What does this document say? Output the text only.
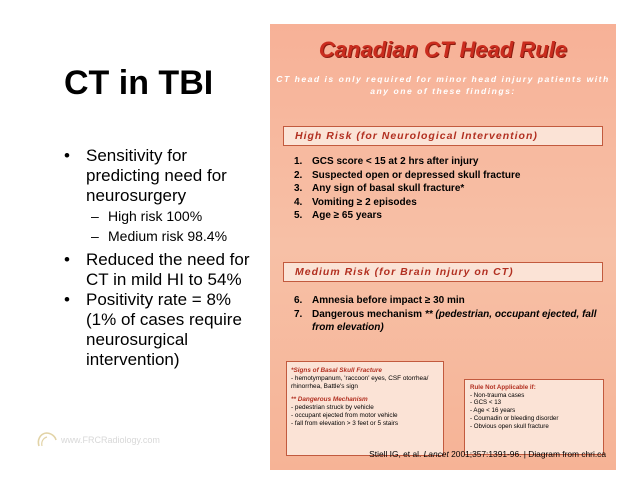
CT in TBI
• Sensitivity for predicting need for neurosurgery
– High risk 100%
– Medium risk 98.4%
• Reduced the need for CT in mild HI to 54%
• Positivity rate = 8% (1% of cases require neurosurgical intervention)
www.FRCRadiology.com
Canadian CT Head Rule
CT head is only required for minor head injury patients with any one of these findings:
High Risk (for Neurological Intervention)
1. GCS score < 15 at 2 hrs after injury
2. Suspected open or depressed skull fracture
3. Any sign of basal skull fracture*
4. Vomiting ≥ 2 episodes
5. Age ≥ 65 years
Medium Risk (for Brain Injury on CT)
6. Amnesia before impact ≥ 30 min
7. Dangerous mechanism ** (pedestrian, occupant ejected, fall from elevation)
*Signs of Basal Skull Fracture
- hemotympanum, 'raccoon' eyes, CSF otorrhea/
rhinorrhea, Battle's sign
** Dangerous Mechanism
- pedestrian struck by vehicle
- occupant ejected from motor vehicle
- fall from elevation > 3 feet or 5 stairs
Rule Not Applicable if:
- Non-trauma cases
- GCS < 13
- Age < 16 years
- Coumadin or bleeding disorder
- Obvious open skull fracture
Stiell IG, et al. Lancet 2001;357:1391-96. | Diagram from chri.ca
